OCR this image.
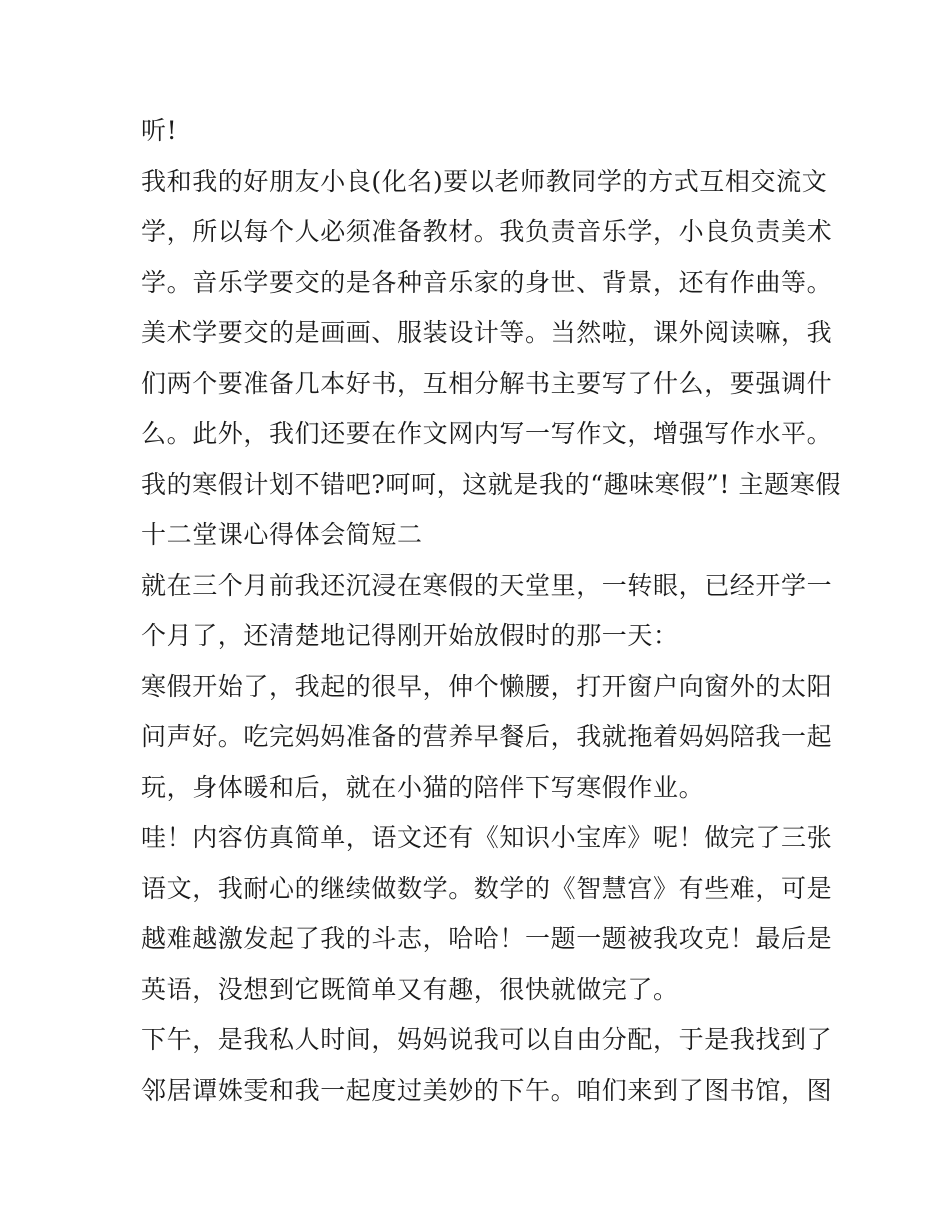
听!
我和我的好朋友小良(化名)要以老师教同学的方式互相交流文
学，所以每个人必须准备教材。我负责音乐学，小良负责美术
学。音乐学要交的是各种音乐家的身世、背景，还有作曲等。
美术学要交的是画画、服装设计等。当然啦，课外阅读嘛，我
们两个要准备几本好书，互相分解书主要写了什么，要强调什
么。此外，我们还要在作文网内写一写作文，增强写作水平。
我的寒假计划不错吧?呵呵，这就是我的“趣味寒假”! 主题寒假
十二堂课心得体会简短二
就在三个月前我还沉浸在寒假的天堂里，一转眼，已经开学一
个月了，还清楚地记得刚开始放假时的那一天：
寒假开始了，我起的很早，伸个懒腰，打开窗户向窗外的太阳
问声好。吃完妈妈准备的营养早餐后，我就拖着妈妈陪我一起
玩，身体暖和后，就在小猫的陪伴下写寒假作业。
哇！内容仿真简单，语文还有《知识小宝库》呢！做完了三张
语文，我耐心的继续做数学。数学的《智慧宫》有些难，可是
越难越激发起了我的斗志，哈哈！一题一题被我攻克！最后是
英语，没想到它既简单又有趣，很快就做完了。
下午，是我私人时间，妈妈说我可以自由分配，于是我找到了
邻居谭姝雯和我一起度过美妙的下午。咱们来到了图书馆，图
